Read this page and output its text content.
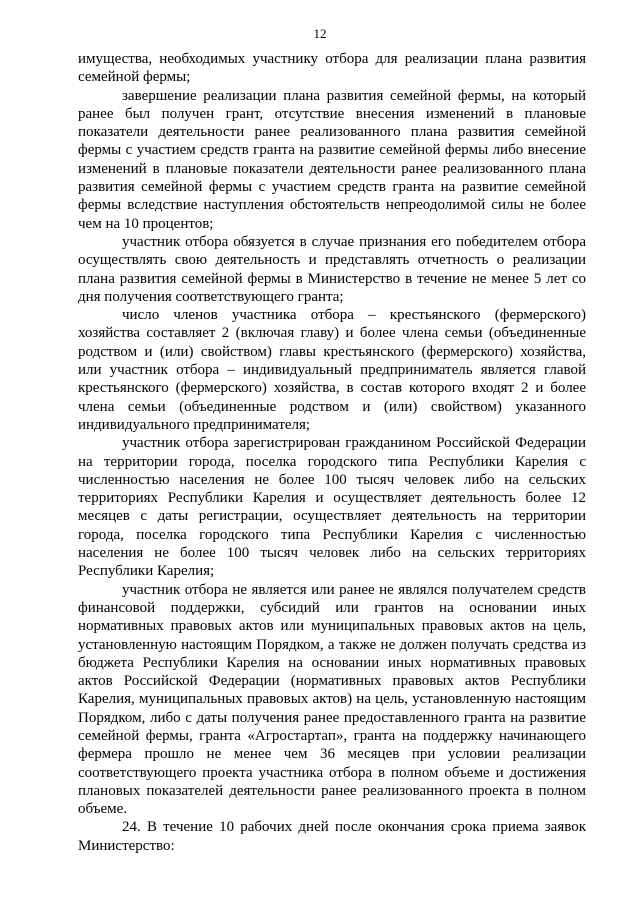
12

имущества, необходимых участнику отбора для реализации плана развития семейной фермы;

завершение реализации плана развития семейной фермы, на который ранее был получен грант, отсутствие внесения изменений в плановые показатели деятельности ранее реализованного плана развития семейной фермы с участием средств гранта на развитие семейной фермы либо внесение изменений в плановые показатели деятельности ранее реализованного плана развития семейной фермы с участием средств гранта на развитие семейной фермы вследствие наступления обстоятельств непреодолимой силы не более чем на 10 процентов;

участник отбора обязуется в случае признания его победителем отбора осуществлять свою деятельность и представлять отчетность о реализации плана развития семейной фермы в Министерство в течение не менее 5 лет со дня получения соответствующего гранта;

число членов участника отбора – крестьянского (фермерского) хозяйства составляет 2 (включая главу) и более члена семьи (объединенные родством и (или) свойством) главы крестьянского (фермерского) хозяйства, или участник отбора – индивидуальный предприниматель является главой крестьянского (фермерского) хозяйства, в состав которого входят 2 и более члена семьи (объединенные родством и (или) свойством) указанного индивидуального предпринимателя;

участник отбора зарегистрирован гражданином Российской Федерации на территории города, поселка городского типа Республики Карелия с численностью населения не более 100 тысяч человек либо на сельских территориях Республики Карелия и осуществляет деятельность более 12 месяцев с даты регистрации, осуществляет деятельность на территории города, поселка городского типа Республики Карелия с численностью населения не более 100 тысяч человек либо на сельских территориях Республики Карелия;

участник отбора не является или ранее не являлся получателем средств финансовой поддержки, субсидий или грантов на основании иных нормативных правовых актов или муниципальных правовых актов на цель, установленную настоящим Порядком, а также не должен получать средства из бюджета Республики Карелия на основании иных нормативных правовых актов Российской Федерации (нормативных правовых актов Республики Карелия, муниципальных правовых актов) на цель, установленную настоящим Порядком, либо с даты получения ранее предоставленного гранта на развитие семейной фермы, гранта «Агростартап», гранта на поддержку начинающего фермера прошло не менее чем 36 месяцев при условии реализации соответствующего проекта участника отбора в полном объеме и достижения плановых показателей деятельности ранее реализованного проекта в полном объеме.

24. В течение 10 рабочих дней после окончания срока приема заявок Министерство:
